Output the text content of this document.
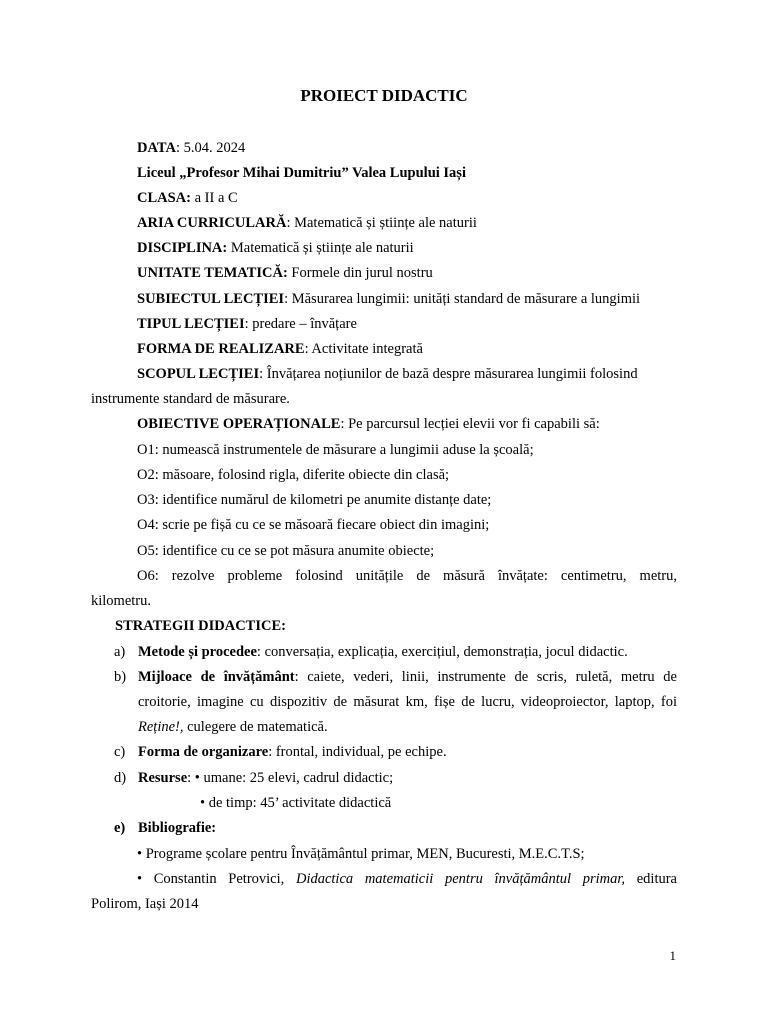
PROIECT DIDACTIC
DATA: 5.04. 2024
Liceul „Profesor Mihai Dumitriu” Valea Lupului Iași
CLASA: a II a C
ARIA CURRICULARĂ: Matematică și științe ale naturii
DISCIPLINA: Matematică și științe ale naturii
UNITATE TEMATICĂ: Formele din jurul nostru
SUBIECTUL LECȚIEI: Măsurarea lungimii: unități standard de măsurare a lungimii
TIPUL LECȚIEI: predare – învățare
FORMA DE REALIZARE: Activitate integrată
SCOPUL LECȚIEI: Învățarea noțiunilor de bază despre măsurarea lungimii folosind
instrumente standard de măsurare.
OBIECTIVE OPERAȚIONALE: Pe parcursul lecției elevii vor fi capabili să:
O1: numească instrumentele de măsurare a lungimii aduse la școală;
O2: măsoare, folosind rigla, diferite obiecte din clasă;
O3: identifice numărul de kilometri pe anumite distanțe date;
O4: scrie pe fișă cu ce se măsoară fiecare obiect din imagini;
O5: identifice cu ce se pot măsura anumite obiecte;
O6: rezolve probleme folosind unitățile de măsură învățate: centimetru, metru,
kilometru.
STRATEGII DIDACTICE:
a) Metode și procedee: conversația, explicația, exercițiul, demonstrația, jocul didactic.
b) Mijloace de învățământ: caiete, vederi, linii, instrumente de scris, ruletă, metru de
croitorie, imagine cu dispozitiv de măsurat km, fișe de lucru, videoproiector, laptop, foi
Reține!, culegere de matematică.
c) Forma de organizare: frontal, individual, pe echipe.
d) Resurse: • umane: 25 elevi, cadrul didactic;
• de timp: 45’ activitate didactică
e) Bibliografie:
• Programe școlare pentru Învățământul primar, MEN, Bucuresti, M.E.C.T.S;
• Constantin Petrovici, Didactica matematicii pentru învățământul primar, editura
Polirom, Iași 2014
1
